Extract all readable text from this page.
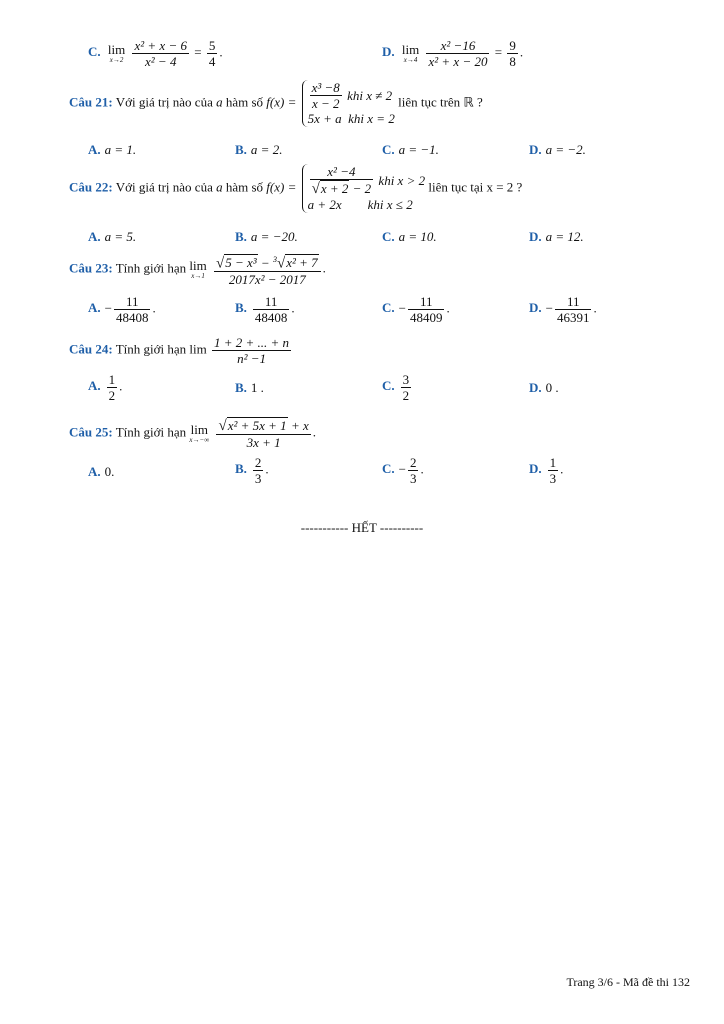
C. lim
x→2
$\frac{\text{x² + x − 6}}{\text{x² − 4}} = \frac{5}{4}$ .	D. lim
x→4
$\frac{\text{x² −16}}{\text{x² + x − 20}} = \frac{9}{8}$ .
Câu 21: Với giá trị nào của a hàm số $f(x) = \frac{\text{x³ −8}}{x - 2}$
khi x ≠ 2
5x + a
khi x = 2
liên tục trên ℝ ?
A. a = 1.	B. a = 2.	C. a = −1.	D. a = −2.
Câu 22: Với giá trị nào của a hàm số $f(x) = \frac{\text{x² −4}}{√x + 2 - 2}$
khi x > 2
a + 2x
khi x ≤ 2
liên tục tại x = 2 ?
A. a = 5.	B. a = −20.	C. a = 10.	D. a = 12.
Câu 23: Tính giới hạn lim
x→1
$\frac{√5 - x^3 - ^3√x^2 + 7}{\text{2017x² − 2017}}$ .
A. − $\frac{11}{48408}$ .	B. $\frac{11}{48408}$ .	C. − $\frac{11}{48409}$ .	D. − $\frac{11}{46391}$ .
Câu 24: Tính giới hạn $\lim \frac{1 + 2 + ... + n}{\text{n² −1}}$
A. $\frac{1}{2}$ .	B. 1 .	C. $\frac{3}{2}$	D. 0 .
Câu 25: Tính giới hạn lim
x→−∞
$\frac{\text{√x² + 5x + 1 + x}}{3x + 1}$ .
A. 0.	B. $\frac{2}{3}$ .	C. − $\frac{2}{3}$ .	D. $\frac{1}{3}$ .
----------- HẾT ----------
Trang 3/6 - Mã đề thi 132
